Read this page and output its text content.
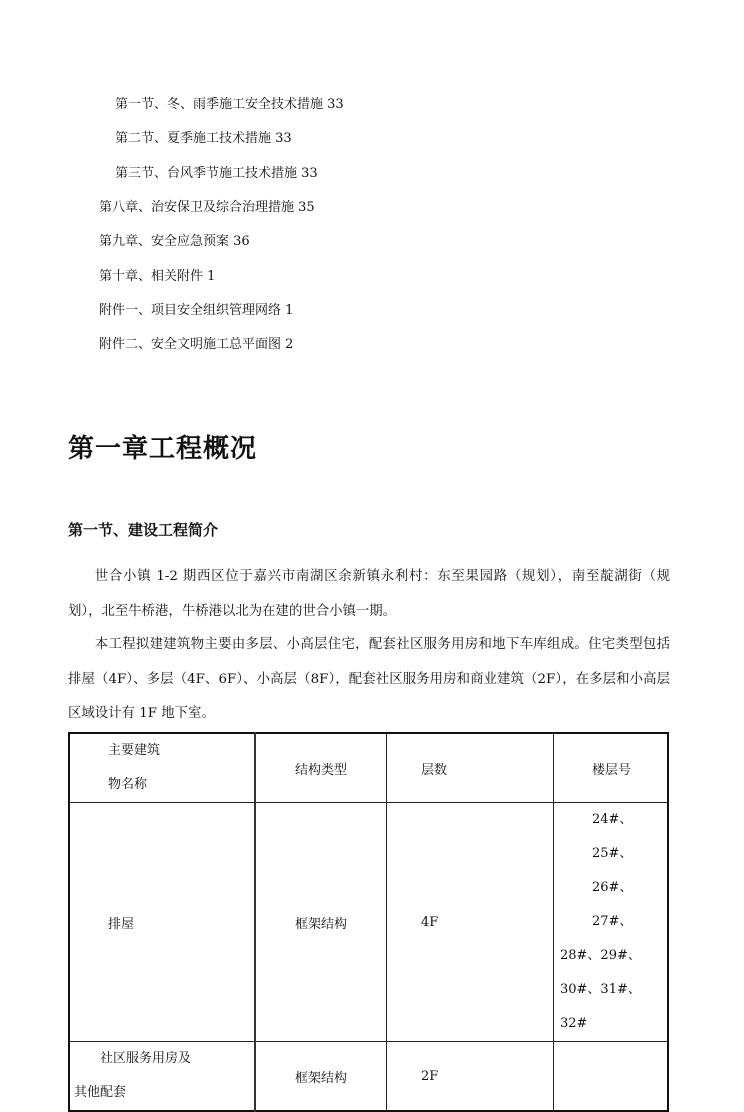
第一节、冬、雨季施工安全技术措施 33
第二节、夏季施工技术措施 33
第三节、台风季节施工技术措施 33
第八章、治安保卫及综合治理措施 35
第九章、安全应急预案 36
第十章、相关附件 1
附件一、项目安全组织管理网络 1
附件二、安全文明施工总平面图 2
第一章工程概况
第一节、建设工程简介
世合小镇 1-2 期西区位于嘉兴市南湖区余新镇永利村：东至果园路（规划），南至靛湖街（规划），北至牛桥港，牛桥港以北为在建的世合小镇一期。
本工程拟建建筑物主要由多层、小高层住宅，配套社区服务用房和地下车库组成。住宅类型包括排屋（4F）、多层（4F、6F）、小高层（8F），配套社区服务用房和商业建筑（2F），在多层和小高层区域设计有 1F 地下室。
主要建筑
物名称	结构类型	层数	楼层号
排屋	框架结构	4F	24#、25#、26#、27#、
28#、29#、30#、31#、32#

社区服务用房及
其他配套	框架结构	2F	
